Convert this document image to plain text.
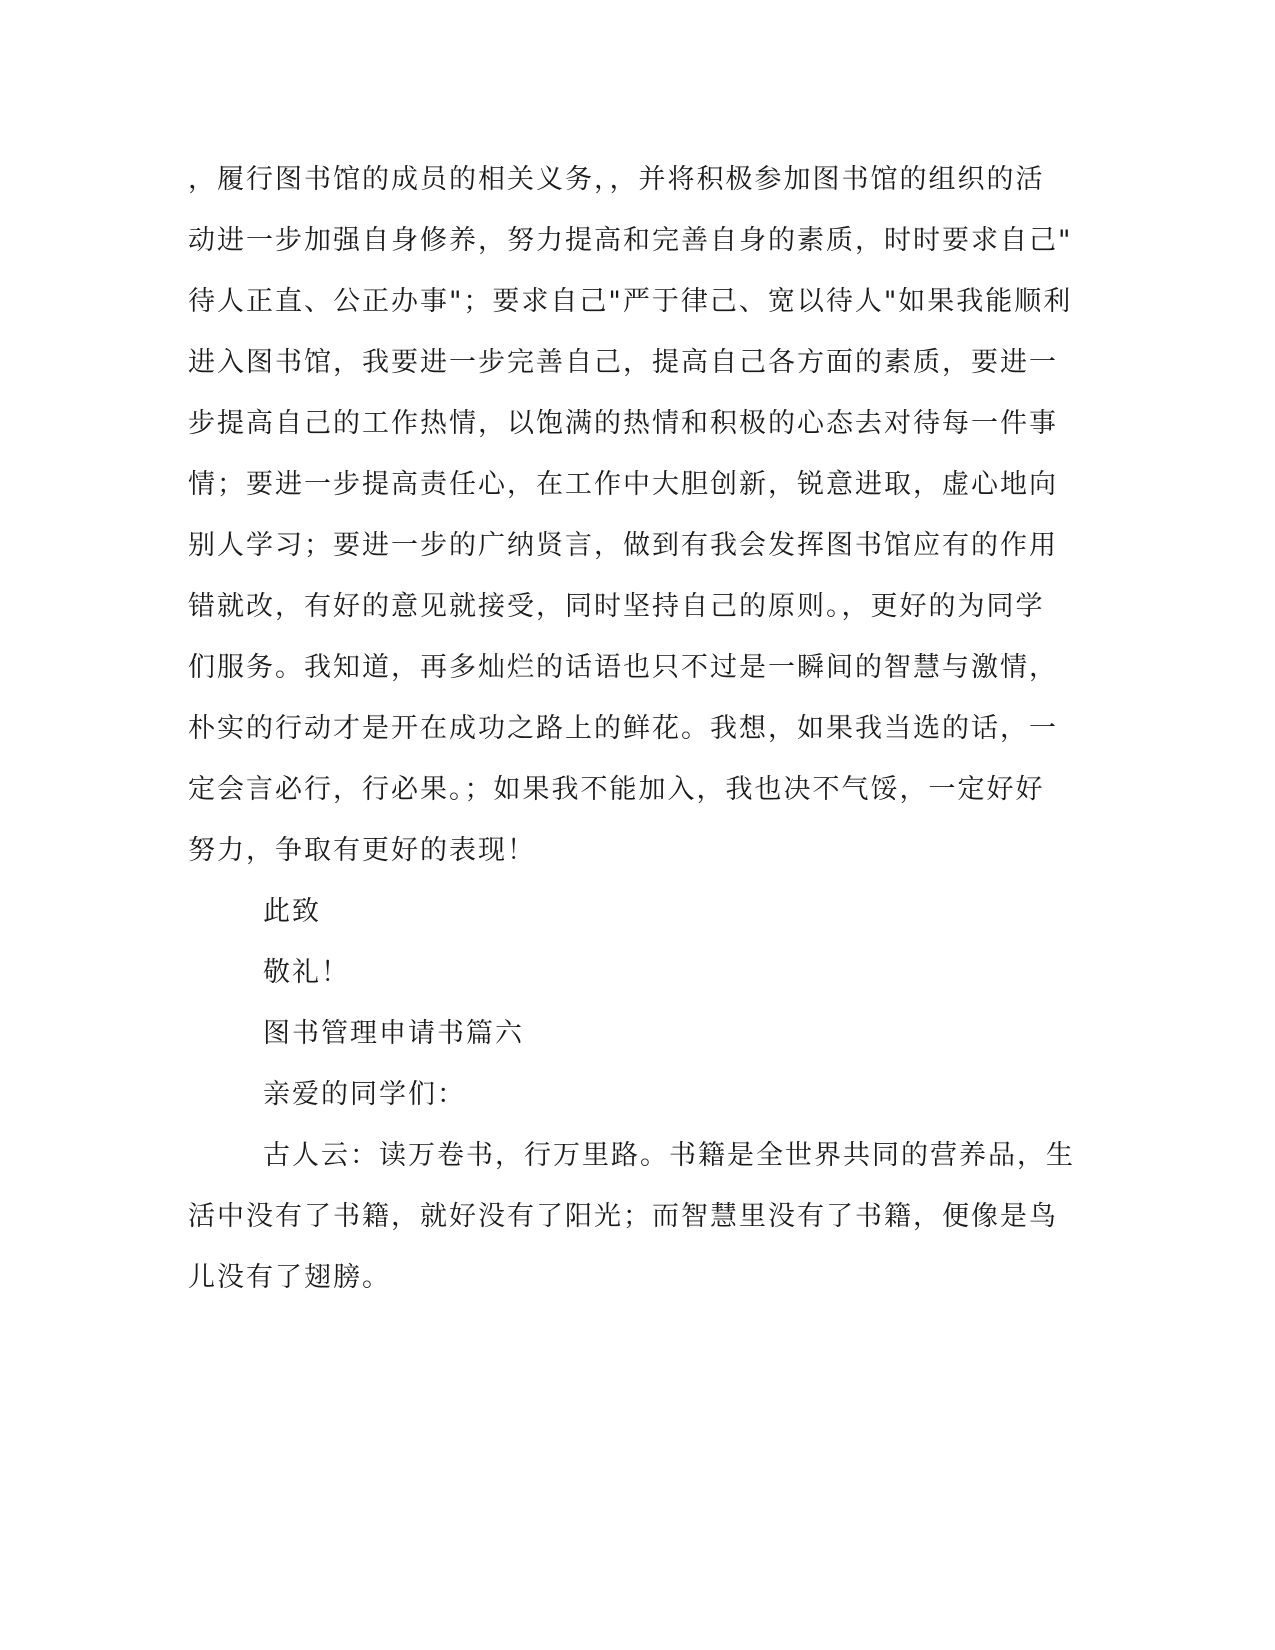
，履行图书馆的成员的相关义务，，并将积极参加图书馆的组织的活
动进一步加强自身修养，努力提高和完善自身的素质，时时要求自己"
待人正直、公正办事"；要求自己"严于律己、宽以待人"如果我能顺利
进入图书馆，我要进一步完善自己，提高自己各方面的素质，要进一
步提高自己的工作热情，以饱满的热情和积极的心态去对待每一件事
情；要进一步提高责任心，在工作中大胆创新，锐意进取，虚心地向
别人学习；要进一步的广纳贤言，做到有我会发挥图书馆应有的作用
错就改，有好的意见就接受，同时坚持自己的原则。，更好的为同学
们服务。我知道，再多灿烂的话语也只不过是一瞬间的智慧与激情，
朴实的行动才是开在成功之路上的鲜花。我想，如果我当选的话，一
定会言必行，行必果。；如果我不能加入，我也决不气馁，一定好好
努力，争取有更好的表现！
此致
敬礼！
图书管理申请书篇六
亲爱的同学们：
古人云：读万卷书，行万里路。书籍是全世界共同的营养品，生
活中没有了书籍，就好没有了阳光；而智慧里没有了书籍，便像是鸟
儿没有了翅膀。
